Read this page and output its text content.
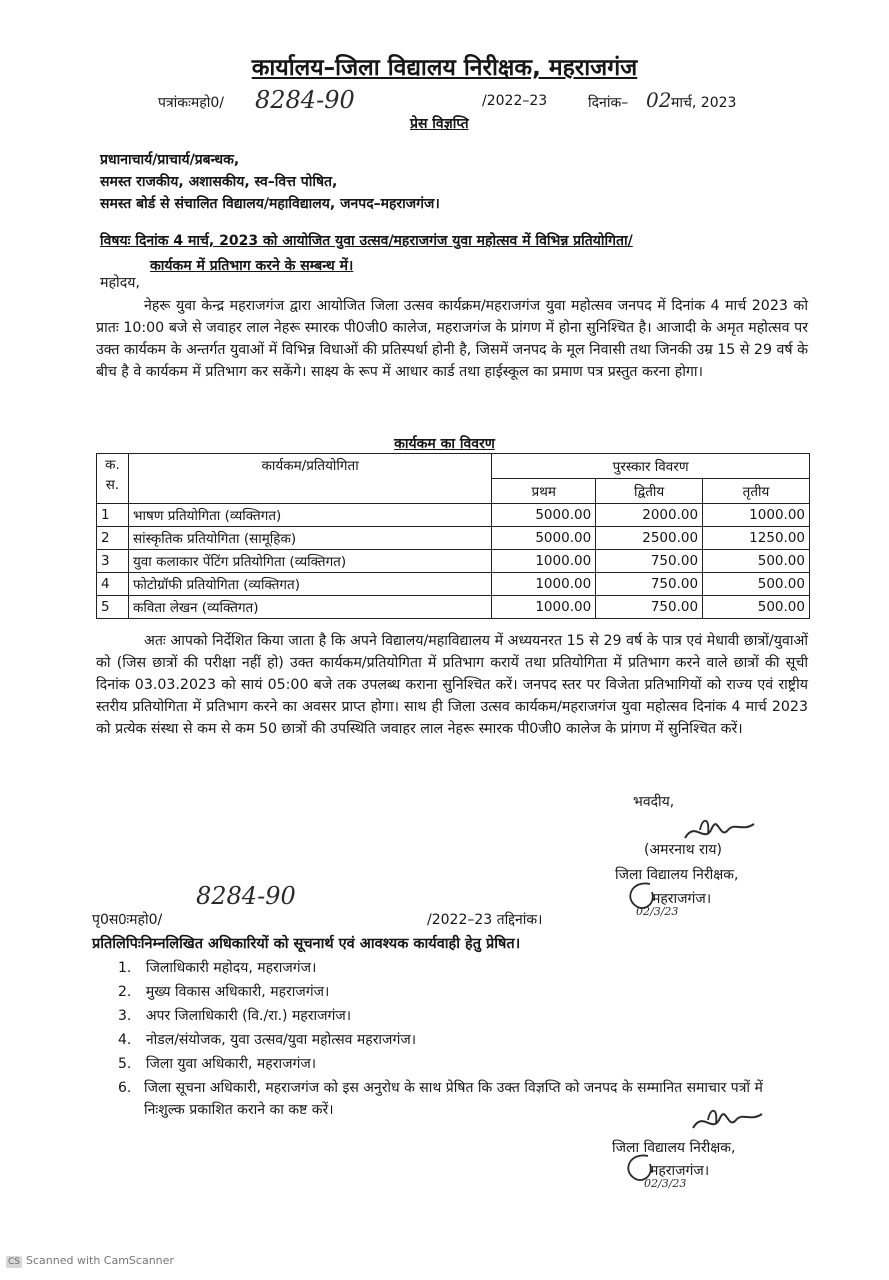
कार्यालय–जिला विद्यालय निरीक्षक, महराजगंज
पत्रांकःमहो0/ 8284-90	/2022–23	दिनांक– 02 मार्च, 2023
प्रेस विज्ञप्ति
प्रधानाचार्य/प्राचार्य/प्रबन्धक,
समस्त राजकीय, अशासकीय, स्व–वित्त पोषित,
समस्त बोर्ड से संचालित विद्यालय/महाविद्यालय, जनपद–महराजगंज।
विषयः दिनांक 4 मार्च, 2023 को आयोजित युवा उत्सव/महराजगंज युवा महोत्सव में विभिन्न प्रतियोगिता/
कार्यकम में प्रतिभाग करने के सम्बन्ध में।
महोदय,
नेहरू युवा केन्द्र महराजगंज द्वारा आयोजित जिला उत्सव कार्यक्रम/महराजगंज युवा महोत्सव जनपद में दिनांक 4 मार्च 2023 को प्रातः 10:00 बजे से जवाहर लाल नेहरू स्मारक पी0जी0 कालेज, महराजगंज के प्रांगण में होना सुनिश्चित है। आजादी के अमृत महोत्सव पर उक्त कार्यकम के अन्तर्गत युवाओं में विभिन्न विधाओं की प्रतिस्पर्धा होनी है, जिसमें जनपद के मूल निवासी तथा जिनकी उम्र 15 से 29 वर्ष के बीच है वे कार्यकम में प्रतिभाग कर सकेंगे। साक्ष्य के रूप में आधार कार्ड तथा हाईस्कूल का प्रमाण पत्र प्रस्तुत करना होगा।
कार्यकम का विवरण
क.
स.	कार्यकम/प्रतियोगिता	पुरस्कार विवरण		
		प्रथम	द्वितीय	तृतीय
1	भाषण प्रतियोगिता (व्यक्तिगत)	5000.00	2000.00	1000.00
2	सांस्कृतिक प्रतियोगिता (सामूहिक)	5000.00	2500.00	1250.00
3	युवा कलाकार पेंटिंग प्रतियोगिता (व्यक्तिगत)	1000.00	750.00	500.00
4	फोटोग्रॉफी प्रतियोगिता (व्यक्तिगत)	1000.00	750.00	500.00
5	कविता लेखन (व्यक्तिगत)	1000.00	750.00	500.00
अतः आपको निर्देशित किया जाता है कि अपने विद्यालय/महाविद्यालय में अध्ययनरत 15 से 29 वर्ष के पात्र एवं मेधावी छात्रों/युवाओं को (जिस छात्रों की परीक्षा नहीं हो) उक्त कार्यकम/प्रतियोगिता में प्रतिभाग करायें तथा प्रतियोगिता में प्रतिभाग करने वाले छात्रों की सूची दिनांक 03.03.2023 को सायं 05:00 बजे तक उपलब्ध कराना सुनिश्चित करें। जनपद स्तर पर विजेता प्रतिभागियों को राज्य एवं राष्ट्रीय स्तरीय प्रतियोगिता में प्रतिभाग करने का अवसर प्राप्त होगा। साथ ही जिला उत्सव कार्यकम/महराजगंज युवा महोत्सव दिनांक 4 मार्च 2023 को प्रत्येक संस्था से कम से कम 50 छात्रों की उपस्थिति जवाहर लाल नेहरू स्मारक पी0जी0 कालेज के प्रांगण में सुनिश्चित करें।
भवदीय,
(अमरनाथ राय)
जिला विद्यालय निरीक्षक,
महराजगंज।
02/3/23
पृ0स0ःमहो0/
8284-90
/2022–23 तद्दिनांक।
प्रतिलिपिःनिम्नलिखित अधिकारियों को सूचनार्थ एवं आवश्यक कार्यवाही हेतु प्रेषित।
1. जिलाधिकारी महोदय, महराजगंज।
2. मुख्य विकास अधिकारी, महराजगंज।
3. अपर जिलाधिकारी (वि./रा.) महराजगंज।
4. नोडल/संयोजक, युवा उत्सव/युवा महोत्सव महराजगंज।
5. जिला युवा अधिकारी, महराजगंज।
6. जिला सूचना अधिकारी, महराजगंज को इस अनुरोध के साथ प्रेषित कि उक्त विज्ञप्ति को जनपद के सम्मानित समाचार पत्रों में निःशुल्क प्रकाशित कराने का कष्ट करें।
जिला विद्यालय निरीक्षक,
महराजगंज।
02/3/23
CS Scanned with CamScanner
